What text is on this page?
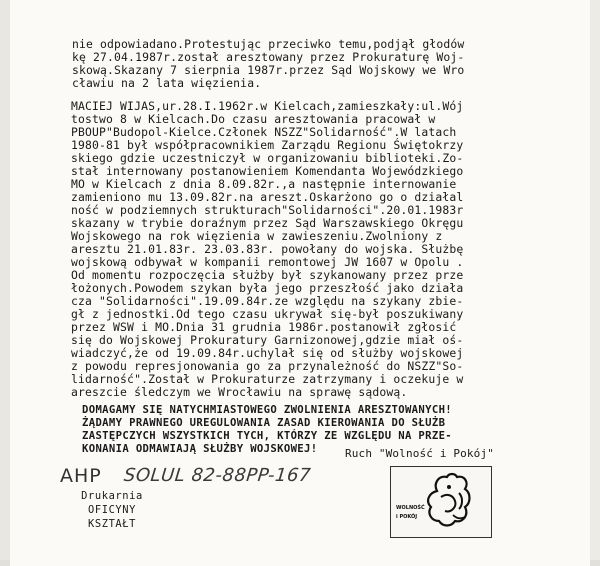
nie odpowiadano.Protestując przeciwko temu,podjął głodów
kę 27.04.1987r.został aresztowany przez Prokuraturę Woj-
skową.Skazany 7 sierpnia 1987r.przez Sąd Wojskowy we Wro
cławiu na 2 lata więzienia.
MACIEJ WIJAS,ur.28.I.1962r.w Kielcach,zamieszkały:ul.Wój
tostwo 8 w Kielcach.Do czasu aresztowania pracował w
PBOUP"Budopol-Kielce.Członek NSZZ"Solidarność".W latach
1980-81 był współpracownikiem Zarządu Regionu Świętokrzy
skiego gdzie uczestniczył w organizowaniu biblioteki.Zo-
stał internowany postanowieniem Komendanta Wojewódzkiego
MO w Kielcach z dnia 8.09.82r.,a następnie internowanie
zamieniono mu 13.09.82r.na areszt.Oskarżono go o działal
ność w podziemnych strukturach"Solidarności".20.01.1983r
skazany w trybie doraźnym przez Sąd Warszawskiego Okręgu
Wojskowego na rok więzienia w zawieszeniu.Zwolniony z
aresztu 21.01.83r. 23.03.83r. powołany do wojska. Służbę
wojskową odbywał w kompanii remontowej JW 1607 w Opolu .
Od momentu rozpoczęcia służby był szykanowany przez prze
łożonych.Powodem szykan była jego przeszłość jako działa
cza "Solidarności".19.09.84r.ze względu na szykany zbie-
gł z jednostki.Od tego czasu ukrywał się-był poszukiwany
przez WSW i MO.Dnia 31 grudnia 1986r.postanowił zgłosić
się do Wojskowej Prokuratury Garnizonowej,gdzie miał oś-
wiadczyć,że od 19.09.84r.uchylał się od służby wojskowej
z powodu represjonowania go za przynależność do NSZZ"So-
lidarność".Został w Prokuraturze zatrzymany i oczekuje w
areszcie śledczym we Wrocławiu na sprawę sądową.
DOMAGAMY SIĘ NATYCHMIASTOWEGO ZWOLNIENIA ARESZTOWANYCH!
ŻĄDAMY PRAWNEGO UREGULOWANIA ZASAD KIEROWANIA DO SŁUŻB
ZASTĘPCZYCH WSZYSTKICH TYCH, KTÓRZY ZE WZGLĘDU NA PRZE-
KONANIA ODMAWIAJĄ SŁUŻBY WOJSKOWEJ!	Ruch "Wolność i Pokój"
AHP SOLUL 82-88PP-167
Drukarnia
OFICYNY
KSZTAŁT
WOLNOŚĆ
i POKÓJ
